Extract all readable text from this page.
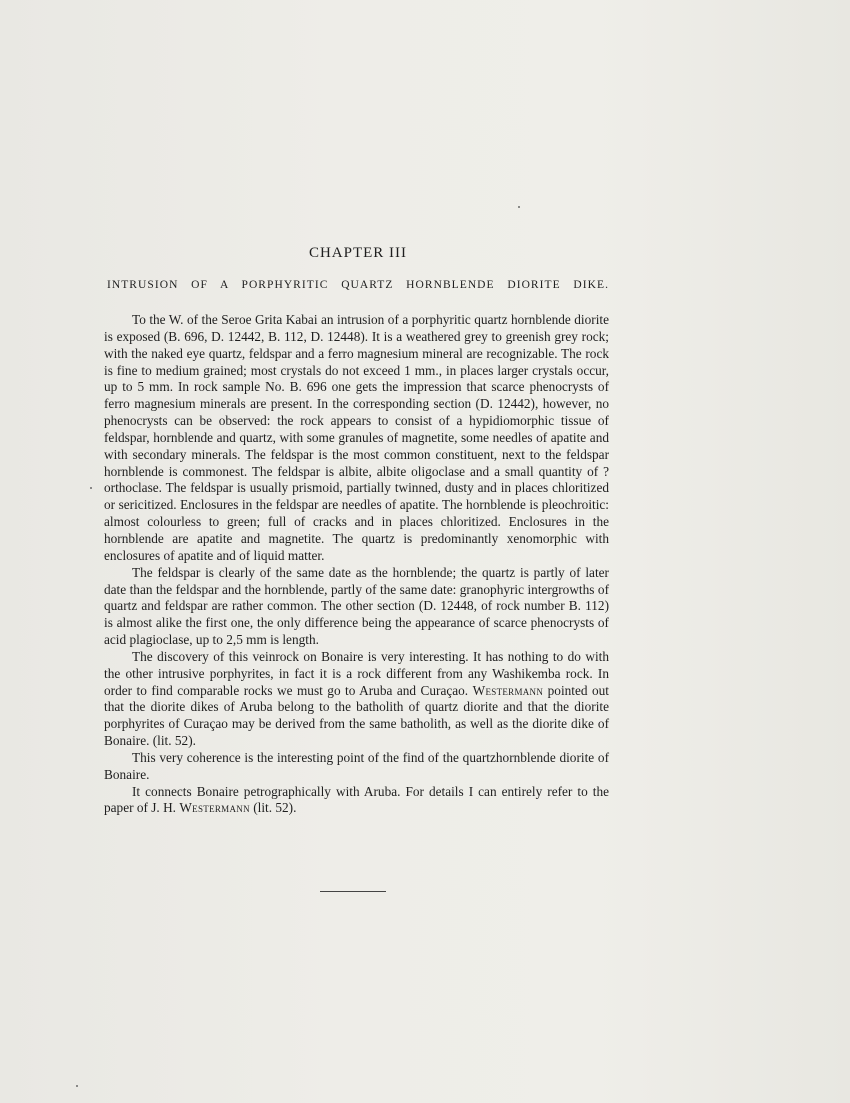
CHAPTER III
INTRUSION OF A PORPHYRITIC QUARTZ HORNBLENDE DIORITE DIKE.

To the W. of the Seroe Grita Kabai an intrusion of a porphyritic quartz hornblende diorite is exposed (B. 696, D. 12442, B. 112, D. 12448). It is a weathered grey to greenish grey rock; with the naked eye quartz, feldspar and a ferro magnesium mineral are recognizable. The rock is fine to medium grained; most crystals do not exceed 1 mm., in places larger crystals occur, up to 5 mm. In rock sample No. B. 696 one gets the impression that scarce phenocrysts of ferro magnesium minerals are present. In the corresponding section (D. 12442), however, no phenocrysts can be observed: the rock appears to consist of a hypidiomorphic tissue of feldspar, hornblende and quartz, with some granules of magnetite, some needles of apatite and with secondary minerals. The feldspar is the most common constituent, next to the feldspar hornblende is commonest. The feldspar is albite, albite oligoclase and a small quantity of ? orthoclase. The feldspar is usually prismoid, partially twinned, dusty and in places chloritized or sericitized. Enclosures in the feldspar are needles of apatite. The hornblende is pleochroitic: almost colourless to green; full of cracks and in places chloritized. Enclosures in the hornblende are apatite and magnetite. The quartz is predominantly xenomorphic with enclosures of apatite and of liquid matter.

The feldspar is clearly of the same date as the hornblende; the quartz is partly of later date than the feldspar and the hornblende, partly of the same date: granophyric intergrowths of quartz and feldspar are rather common. The other section (D. 12448, of rock number B. 112) is almost alike the first one, the only difference being the appearance of scarce phenocrysts of acid plagioclase, up to 2,5 mm is length.

The discovery of this veinrock on Bonaire is very interesting. It has nothing to do with the other intrusive porphyrites, in fact it is a rock different from any Washikemba rock. In order to find comparable rocks we must go to Aruba and Curaçao. Westermann pointed out that the diorite dikes of Aruba belong to the batholith of quartz diorite and that the diorite porphyrites of Curaçao may be derived from the same batholith, as well as the diorite dike of Bonaire. (lit. 52).

This very coherence is the interesting point of the find of the quartzhornblende diorite of Bonaire.

It connects Bonaire petrographically with Aruba. For details I can entirely refer to the paper of J. H. Westermann (lit. 52).
